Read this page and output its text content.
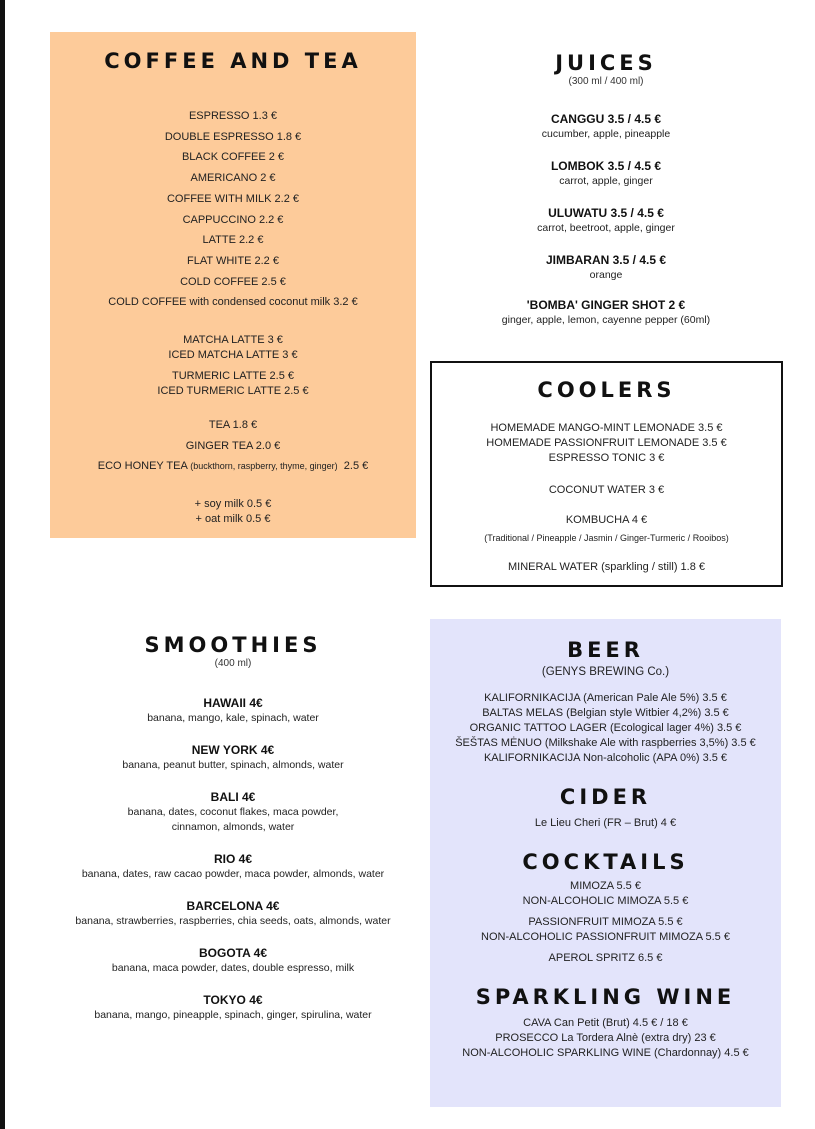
COFFEE AND TEA
ESPRESSO 1.3 €
DOUBLE ESPRESSO 1.8 €
BLACK COFFEE 2 €
AMERICANO 2 €
COFFEE WITH MILK 2.2 €
CAPPUCCINO 2.2 €
LATTE 2.2 €
FLAT WHITE 2.2 €
COLD COFFEE 2.5 €
COLD COFFEE with condensed coconut milk 3.2 €
MATCHA LATTE 3 €
ICED MATCHA LATTE 3 €
TURMERIC LATTE 2.5 €
ICED TURMERIC LATTE 2.5 €
TEA 1.8 €
GINGER TEA 2.0 €
ECO HONEY TEA (buckthorn, raspberry, thyme, ginger) 2.5 €
+ soy milk 0.5 €
+ oat milk 0.5 €
JUICES
(300 ml / 400 ml)
CANGGU 3.5 / 4.5 €
cucumber, apple, pineapple
LOMBOK 3.5 / 4.5 €
carrot, apple, ginger
ULUWATU 3.5 / 4.5 €
carrot, beetroot, apple, ginger
JIMBARAN 3.5 / 4.5 €
orange
'BOMBA' GINGER SHOT 2 €
ginger, apple, lemon, cayenne pepper (60ml)
COOLERS
HOMEMADE MANGO-MINT LEMONADE 3.5 €
HOMEMADE PASSIONFRUIT LEMONADE 3.5 €
ESPRESSO TONIC 3 €
COCONUT WATER 3 €
KOMBUCHA 4 €
(Traditional / Pineapple / Jasmin / Ginger-Turmeric / Rooibos)
MINERAL WATER (sparkling / still) 1.8 €
SMOOTHIES
(400 ml)
HAWAII 4€
banana, mango, kale, spinach, water
NEW YORK 4€
banana, peanut butter, spinach, almonds, water
BALI 4€
banana, dates, coconut flakes, maca powder, cinnamon, almonds, water
RIO 4€
banana, dates, raw cacao powder, maca powder, almonds, water
BARCELONA 4€
banana, strawberries, raspberries, chia seeds, oats, almonds, water
BOGOTA 4€
banana, maca powder, dates, double espresso, milk
TOKYO 4€
banana, mango, pineapple, spinach, ginger, spirulina, water
BEER
(GENYS BREWING Co.)
KALIFORNIKACIJA (American Pale Ale 5%) 3.5 €
BALTAS MELAS (Belgian style Witbier 4,2%) 3.5 €
ORGANIC TATTOO LAGER (Ecological lager 4%) 3.5 €
ŠEŠTAS MĖNUO (Milkshake Ale with raspberries 3,5%) 3.5 €
KALIFORNIKACIJA Non-alcoholic (APA 0%) 3.5 €
CIDER
Le Lieu Cheri (FR – Brut) 4 €
COCKTAILS
MIMOZA 5.5 €
NON-ALCOHOLIC MIMOZA 5.5 €
PASSIONFRUIT MIMOZA 5.5 €
NON-ALCOHOLIC PASSIONFRUIT MIMOZA 5.5 €
APEROL SPRITZ 6.5 €
SPARKLING WINE
CAVA Can Petit (Brut) 4.5 € / 18 €
PROSECCO La Tordera Alnè (extra dry) 23 €
NON-ALCOHOLIC SPARKLING WINE (Chardonnay) 4.5 €
